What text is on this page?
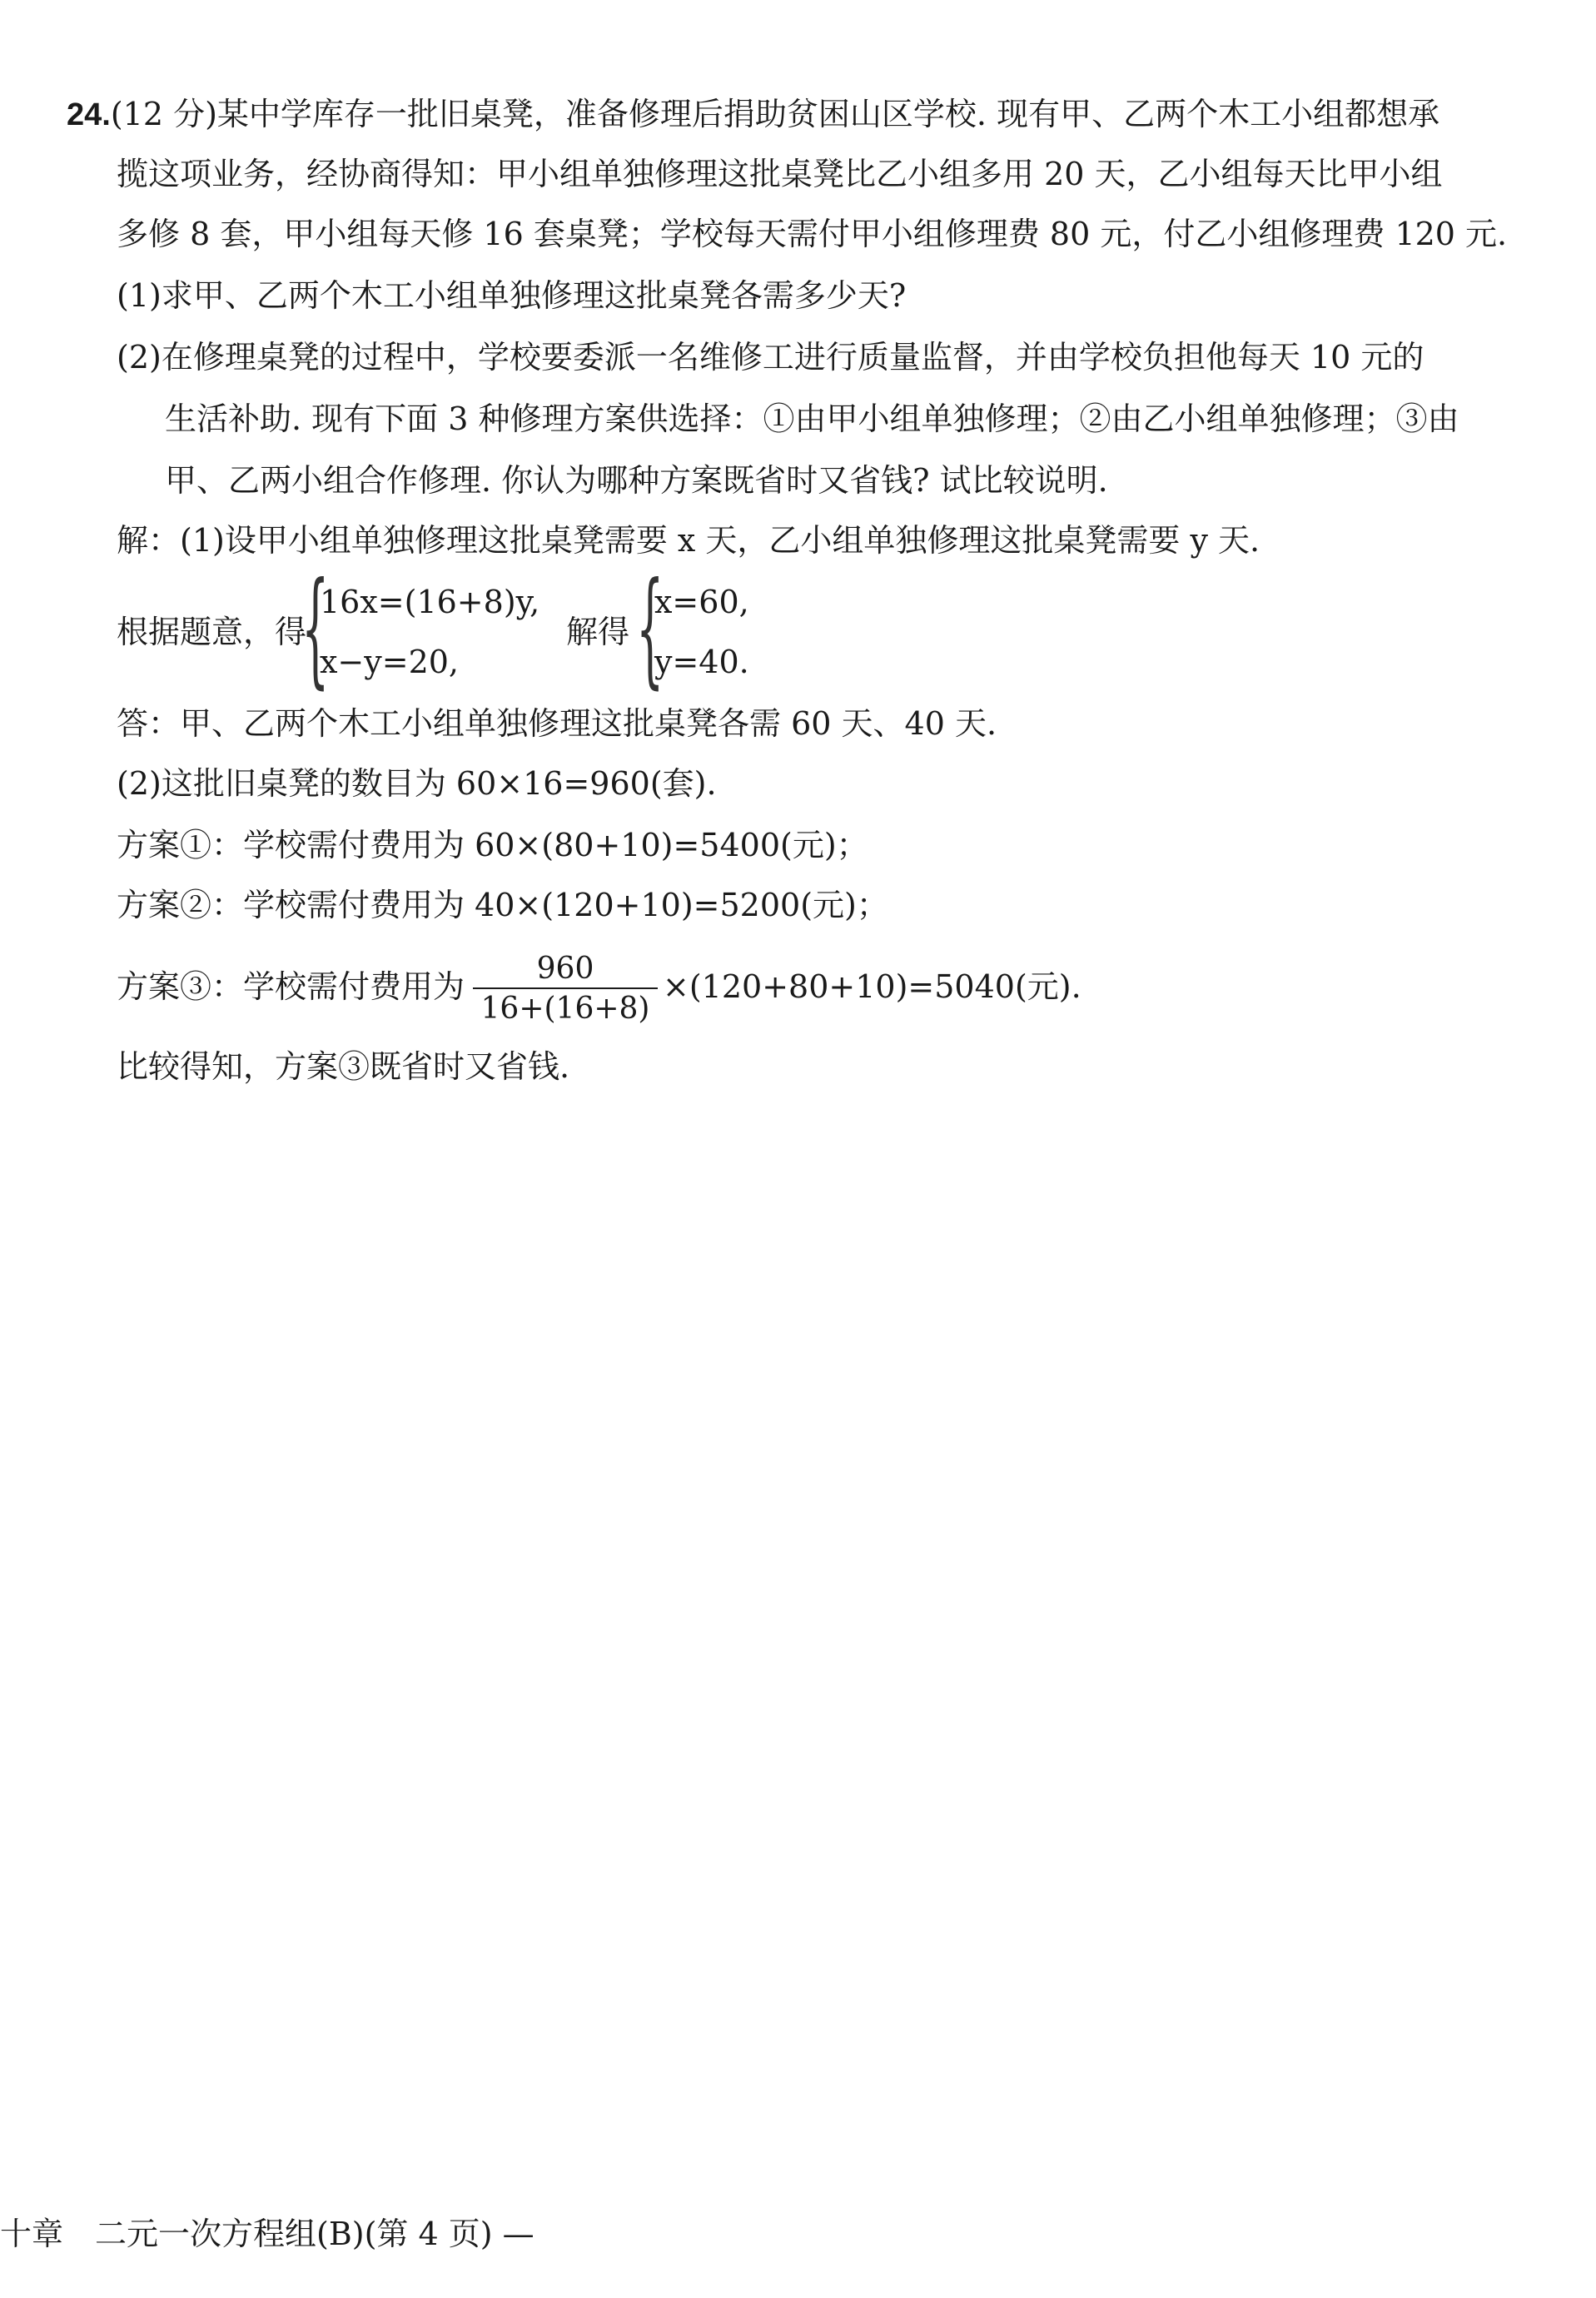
24.(12 分)某中学库存一批旧桌凳，准备修理后捐助贫困山区学校. 现有甲、乙两个木工小组都想承
揽这项业务，经协商得知：甲小组单独修理这批桌凳比乙小组多用 20 天，乙小组每天比甲小组
多修 8 套，甲小组每天修 16 套桌凳；学校每天需付甲小组修理费 80 元，付乙小组修理费 120 元.
(1)求甲、乙两个木工小组单独修理这批桌凳各需多少天?
(2)在修理桌凳的过程中，学校要委派一名维修工进行质量监督，并由学校负担他每天 10 元的
生活补助. 现有下面 3 种修理方案供选择：①由甲小组单独修理；②由乙小组单独修理；③由
甲、乙两小组合作修理. 你认为哪种方案既省时又省钱? 试比较说明.
解：(1)设甲小组单独修理这批桌凳需要 x 天，乙小组单独修理这批桌凳需要 y 天.
根据题意，得
{
16x=(16+8)y,
x−y=20,
解得 {
x=60,
y=40.
答：甲、乙两个木工小组单独修理这批桌凳各需 60 天、40 天.
(2)这批旧桌凳的数目为 60×16=960(套).
方案①：学校需付费用为 60×(80+10)=5400(元)；
方案②：学校需付费用为 40×(120+10)=5200(元)；
方案③：学校需付费用为	960
16+(16+8)
×(120+80+10)=5040(元).
比较得知，方案③既省时又省钱.
十章　二元一次方程组(B)(第 4 页) —
